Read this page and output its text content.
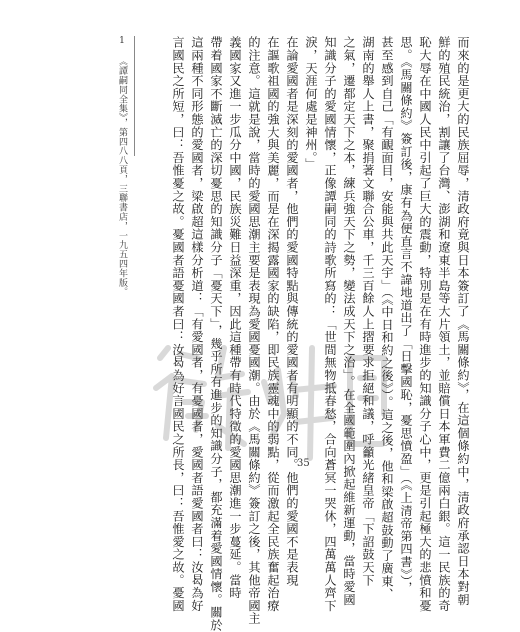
而來的是更大的民族屈辱，清政府竟與日本簽訂了《馬關條約》，在這個條約中，清政府承認日本對朝
鮮的殖民統治，割讓了台灣、澎湖和遼東半島等大片領土，並賠償日本軍費二億兩白銀。這一民族的奇
恥大辱在中國人民中引起了巨大的震動，特別是在有時進步的知識分子心中，更是引起極大的悲憤和憂
思。《馬關條約》簽訂後，康有為便直言不諱地道出了「日擊國恥，憂思憤盈」（《上清帝第四書》），
甚至感到自己「有靦面目，安能與共此天宇」（《中日和約之後》）。這之後，他和梁啟超鼓動了廣東、
湖南的舉人上書，聚捐著文聯合公車，千三百餘人上摺要求拒絕和議，呼籲光緒皇帝「下詔鼓天下
之氣，遷都定天下之本，練兵強天下之勢，變法成天下之治」。在全國範圍內掀起維新運動，當時愛國
知識分子的愛國情懷，正像譚嗣同的詩歌所寫的：「世間無物抵春愁，合向蒼冥一哭休，四萬萬人齊下
淚，天涯何處是神州。」
在論愛國者是深刻的愛國者，他們的愛國特點與傳統的愛國者有明顯的不同。他們的愛國不是表現
在謳歌祖國的強大與美麗，而是在深揭露國家的缺陷，即民族靈魂中的弱點，從而激起全民族奮起治療
的注意。這就是說，當時的愛國思潮主要是表現為愛國憂國潮。由於《馬關條約》簽訂之後，其他帝國主
義國家又進一步瓜分中國，民族災難日益深重，因此這種帶有時代特徵的愛國思潮進一步蔓延。當時
帶着國家不斷滅亡的深切憂思的知識分子「憂天下」，幾乎所有進步的知識分子，都充滿着愛國情懷。關於
這兩種不同形態的愛國者，梁啟超這樣分析道：「有愛國者，有憂國者，愛國者語愛國者曰：汝曷為好
言國民之所短，曰：吾惟憂之故。憂國者語憂國者曰：汝曷為好言國民之所長，曰：吾惟愛之故。憂國
1 《譚嗣同全集》，第四八八頁，三聯書店，一九五四年版。
35
